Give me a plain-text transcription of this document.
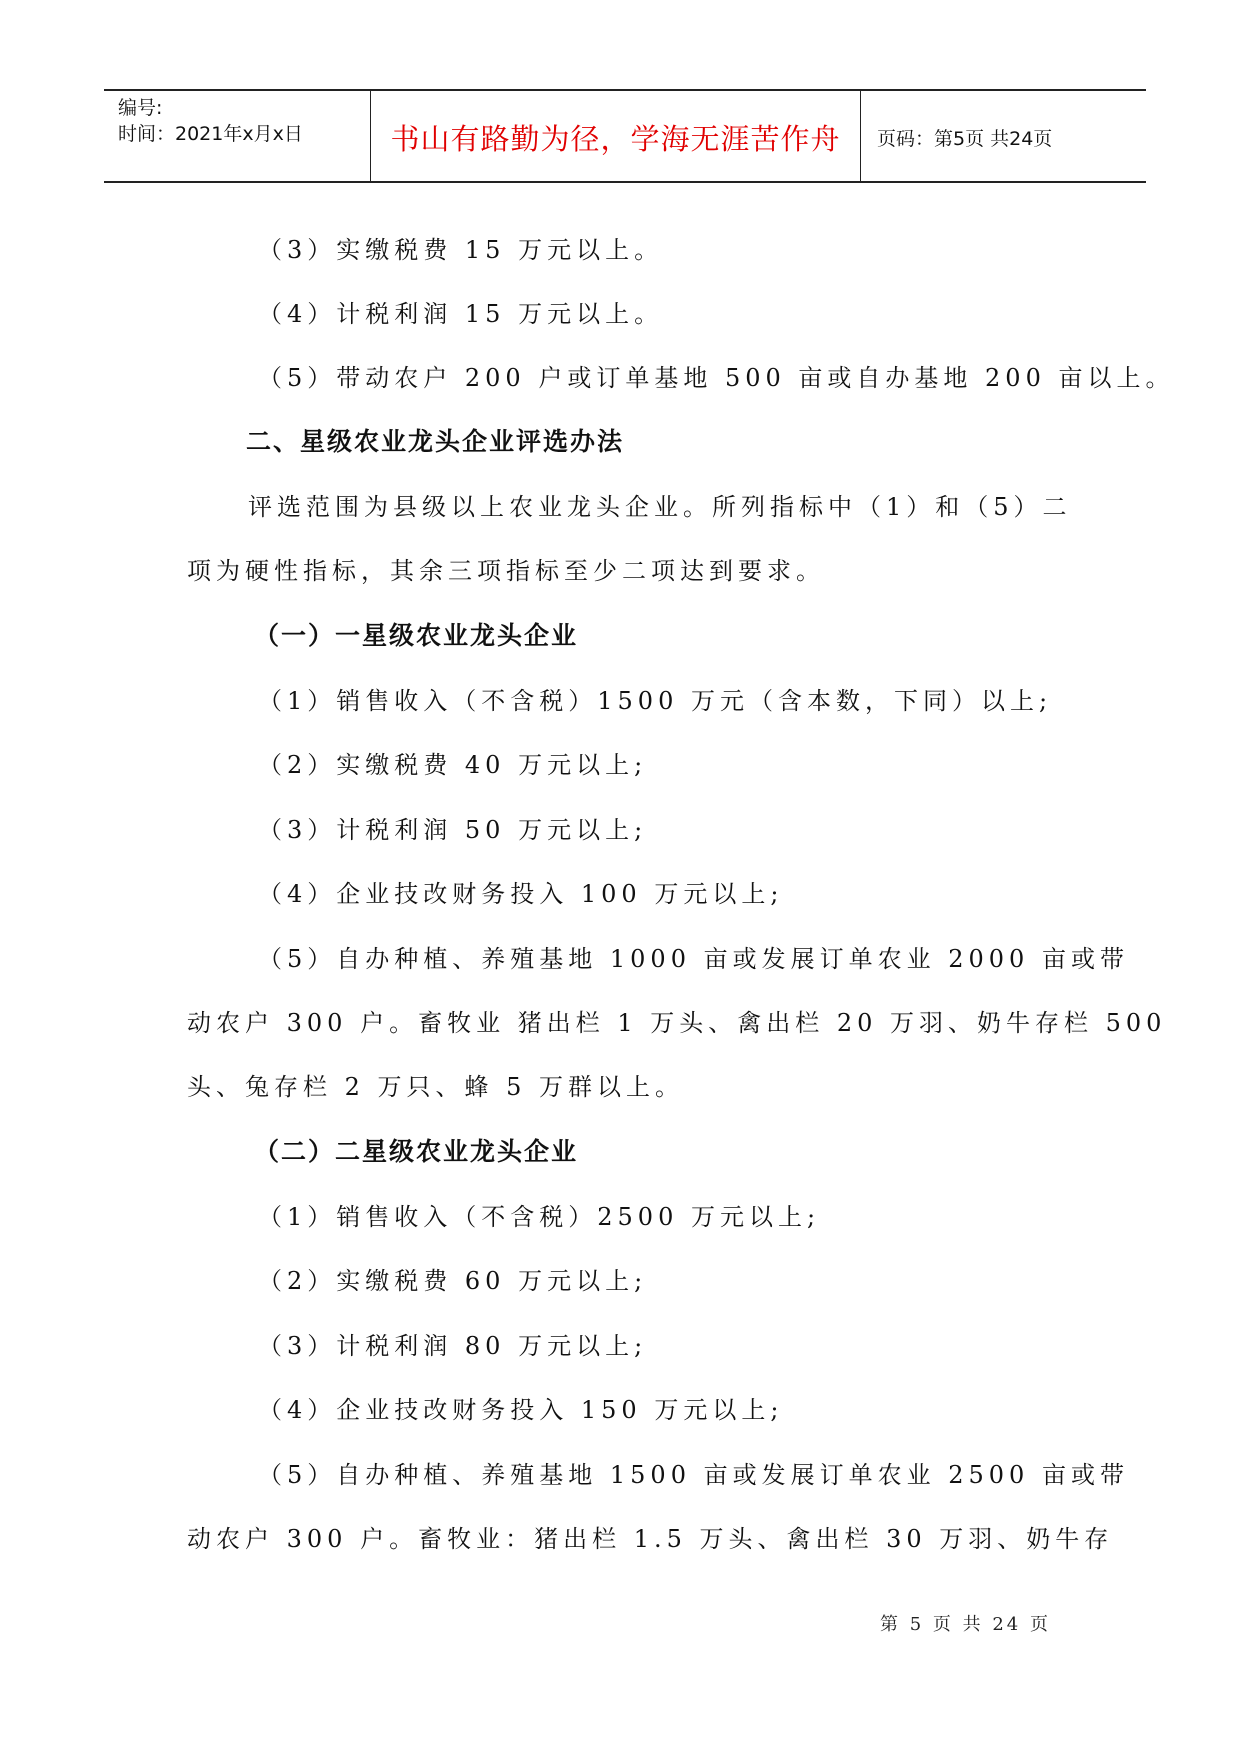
编号:
时间：2021年x月x日	书山有路勤为径，学海无涯苦作舟	页码：第5页 共24页
（3）实缴税费 15 万元以上。
（4）计税利润 15 万元以上。
（5）带动农户 200 户或订单基地 500 亩或自办基地 200 亩以上。
二、星级农业龙头企业评选办法
评选范围为县级以上农业龙头企业。所列指标中（1）和（5）二
项为硬性指标，其余三项指标至少二项达到要求。
（一）一星级农业龙头企业
（1）销售收入（不含税）1500 万元（含本数，下同）以上;
（2）实缴税费 40 万元以上;
（3）计税利润 50 万元以上;
（4）企业技改财务投入 100 万元以上;
（5）自办种植、养殖基地 1000 亩或发展订单农业 2000 亩或带
动农户 300 户。畜牧业 猪出栏 1 万头、禽出栏 20 万羽、奶牛存栏 500
头、兔存栏 2 万只、蜂 5 万群以上。
（二）二星级农业龙头企业
（1）销售收入（不含税）2500 万元以上;
（2）实缴税费 60 万元以上;
（3）计税利润 80 万元以上;
（4）企业技改财务投入 150 万元以上;
（5）自办种植、养殖基地 1500 亩或发展订单农业 2500 亩或带
动农户 300 户。畜牧业：猪出栏 1.5 万头、禽出栏 30 万羽、奶牛存
第 5 页 共 24 页
